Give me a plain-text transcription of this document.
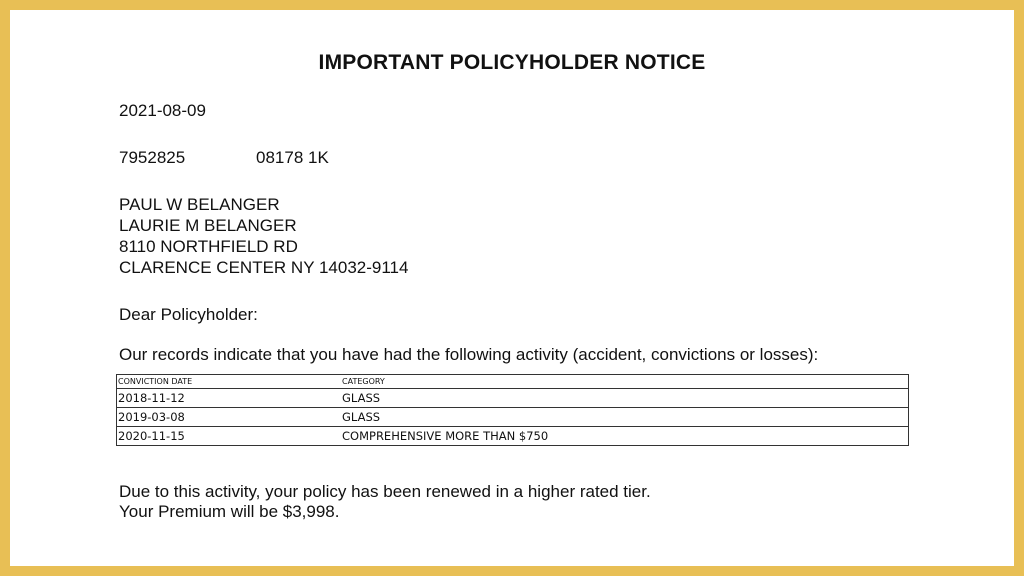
IMPORTANT POLICYHOLDER NOTICE
2021-08-09
7952825	08178 1K
PAUL W BELANGER
LAURIE M BELANGER
8110 NORTHFIELD RD
CLARENCE CENTER NY 14032-9114
Dear Policyholder:
Our records indicate that you have had the following activity (accident, convictions or losses):
CONVICTION DATE	CATEGORY
2018-11-12	GLASS
2019-03-08	GLASS
2020-11-15	COMPREHENSIVE MORE THAN $750
Due to this activity, your policy has been renewed in a higher rated tier.
Your Premium will be $3,998.
